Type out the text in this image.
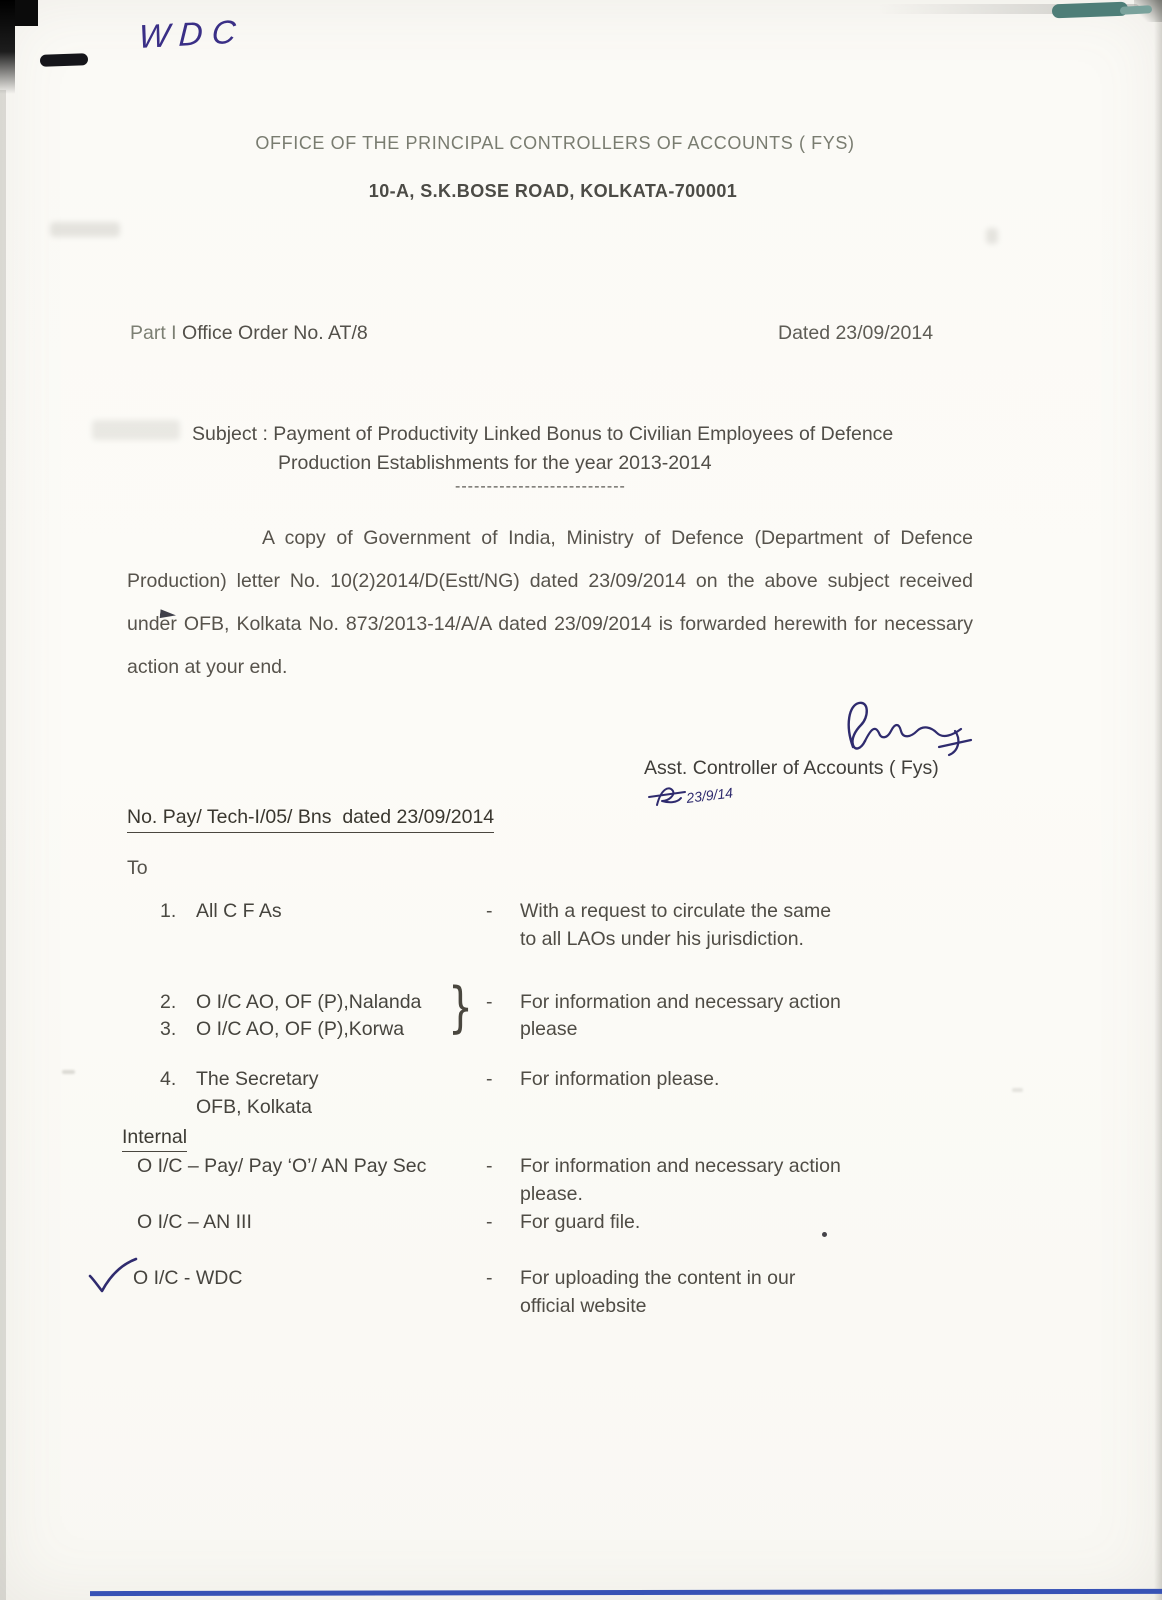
WDC
OFFICE OF THE PRINCIPAL CONTROLLERS OF ACCOUNTS ( FYS)
10-A, S.K.BOSE ROAD, KOLKATA-700001
Part I Office Order No. AT/8	Dated 23/09/2014
Subject : Payment of Productivity Linked Bonus to Civilian Employees of Defence
Production Establishments for the year 2013-2014
---------------------------
A copy of Government of India, Ministry of Defence (Department of Defence Production) letter No. 10(2)2014/D(Estt/NG) dated 23/09/2014 on the above subject received under OFB, Kolkata No. 873/2013-14/A/A dated 23/09/2014 is forwarded herewith for necessary action at your end.
Asst. Controller of Accounts ( Fys)
23/9/14
No. Pay/ Tech-I/05/ Bns  dated 23/09/2014
To
1. All C F As	- With a request to circulate the same
to all LAOs under his jurisdiction.
2. O I/C AO, OF (P),Nalanda
3. O I/C AO, OF (P),Korwa } - For information and necessary action
please
4. The Secretary
OFB, Kolkata
- For information please.
Internal
O I/C – Pay/ Pay ‘O’/ AN Pay Sec	- For information and necessary action
please.
O I/C – AN III	- For guard file.
O I/C - WDC	- For uploading the content in our
official website
